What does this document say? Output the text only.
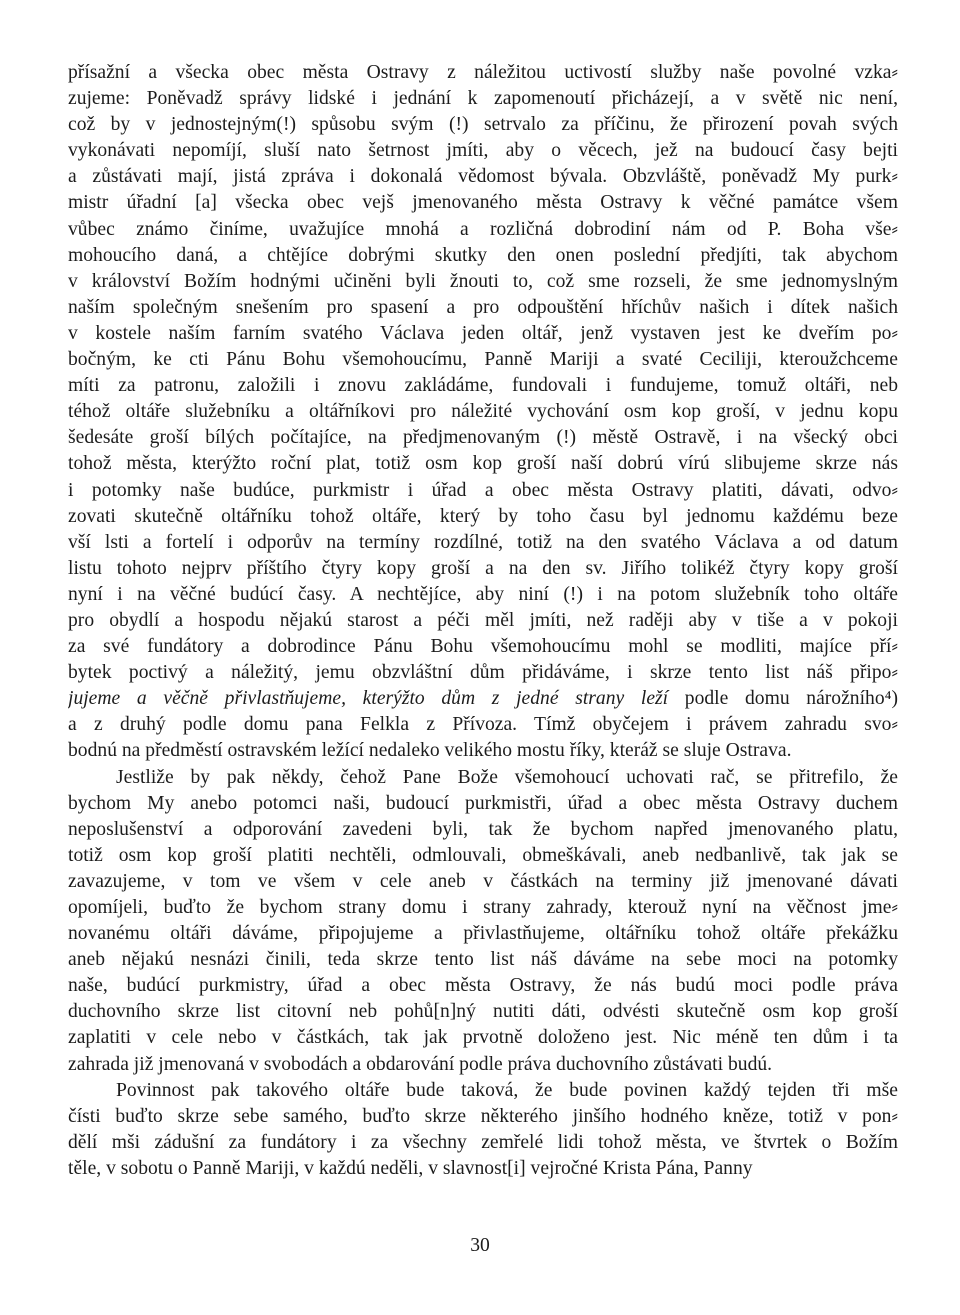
přísažní a všecka obec města Ostravy z náležitou uctivostí služby naše povolné vzka⸗
zujeme: Poněvadž správy lidské i jednání k zapomenoutí přicházejí, a v světě nic není,
což by v jednostejným(!) spůsobu svým (!) setrvalo za příčinu, že přirození povah svých
vykonávati nepomíjí, sluší nato šetrnost jmíti, aby o věcech, jež na budoucí časy bejti
a zůstávati mají, jistá zpráva i dokonalá vědomost bývala. Obzvláště, poněvadž My purk⸗
mistr úřadní [a] všecka obec vejš jmenovaného města Ostravy k věčné památce všem
vůbec známo činíme, uvažujíce mnohá a rozličná dobrodiní nám od P. Boha vše⸗
mohoucího daná, a chtějíce dobrými skutky den onen poslední předjíti, tak abychom
v království Božím hodnými učiněni byli žnouti to, což sme rozseli, že sme jednomyslným
naším společným snešením pro spasení a pro odpouštění hříchův našich i dítek našich
v kostele naším farním svatého Václava jeden oltář, jenž vystaven jest ke dveřím po⸗
bočným, ke cti Pánu Bohu všemohoucímu, Panně Mariji a svaté Ceciliji, kteroužchceme
míti za patronu, založili i znovu zakládáme, fundovali i fundujeme, tomuž oltáři, neb
téhož oltáře služebníku a oltářníkovi pro náležité vychování osm kop groší, v jednu kopu
šedesáte groší bílých počítajíce, na předjmenovaným (!) městě Ostravě, i na všecký obci
tohož města, kterýžto roční plat, totiž osm kop groší naší dobrú vírú slibujeme skrze nás
i potomky naše budúce, purkmistr i úřad a obec města Ostravy platiti, dávati, odvo⸗
zovati skutečně oltářníku tohož oltáře, který by toho času byl jednomu každému beze
vší lsti a fortelí i odporův na termíny rozdílné, totiž na den svatého Václava a od datum
listu tohoto nejprv příštího čtyry kopy groší a na den sv. Jiřího tolikéž čtyry kopy groší
nyní i na věčné budúcí časy. A nechtějíce, aby niní (!) i na potom služebník toho oltáře
pro obydlí a hospodu nějakú starost a péči měl jmíti, než raději aby v tiše a v pokoji
za své fundátory a dobrodince Pánu Bohu všemohoucímu mohl se modliti, majíce pří⸗
bytek poctivý a náležitý, jemu obzvláštní dům přidáváme, i skrze tento list náš připo⸗
jujeme a věčně přivlastňujeme, kterýžto dům z jedné strany leží podle domu nárožního⁴)
a z druhý podle domu pana Felkla z Přívoza. Tímž obyčejem i právem zahradu svo⸗
bodnú na předměstí ostravském ležící nedaleko velikého mostu říky, kteráž se sluje Ostrava.
Jestliže by pak někdy, čehož Pane Bože všemohoucí uchovati rač, se přitrefilo, že
bychom My anebo potomci naši, budoucí purkmistři, úřad a obec města Ostravy duchem
neposlušenství a odporování zavedeni byli, tak že bychom napřed jmenovaného platu,
totiž osm kop groší platiti nechtěli, odmlouvali, obmeškávali, aneb nedbanlivě, tak jak se
zavazujeme, v tom ve všem v cele aneb v částkách na terminy již jmenované dávati
opomíjeli, buďto že bychom strany domu i strany zahrady, kterouž nyní na věčnost jme⸗
novanému oltáři dáváme, připojujeme a přivlastňujeme, oltářníku tohož oltáře překážku
aneb nějakú nesnázi činili, teda skrze tento list náš dáváme na sebe moci na potomky
naše, budúcí purkmistry, úřad a obec města Ostravy, že nás budú moci podle práva
duchovního skrze list citovní neb pohů[n]ný nutiti dáti, odvésti skutečně osm kop groší
zaplatiti v cele nebo v částkách, tak jak prvotně doloženo jest. Nic méně ten dům i ta
zahrada již jmenovaná v svobodách a obdarování podle práva duchovního zůstávati budú.
Povinnost pak takového oltáře bude taková, že bude povinen každý tejden tři mše
čísti buďto skrze sebe samého, buďto skrze některého jinšího hodného kněze, totiž v pon⸗
dělí mši zádušní za fundátory i za všechny zemřelé lidi tohož města, ve štvrtek o Božím
těle, v sobotu o Panně Mariji, v každú neděli, v slavnost[i] vejročné Krista Pána, Panny
30
